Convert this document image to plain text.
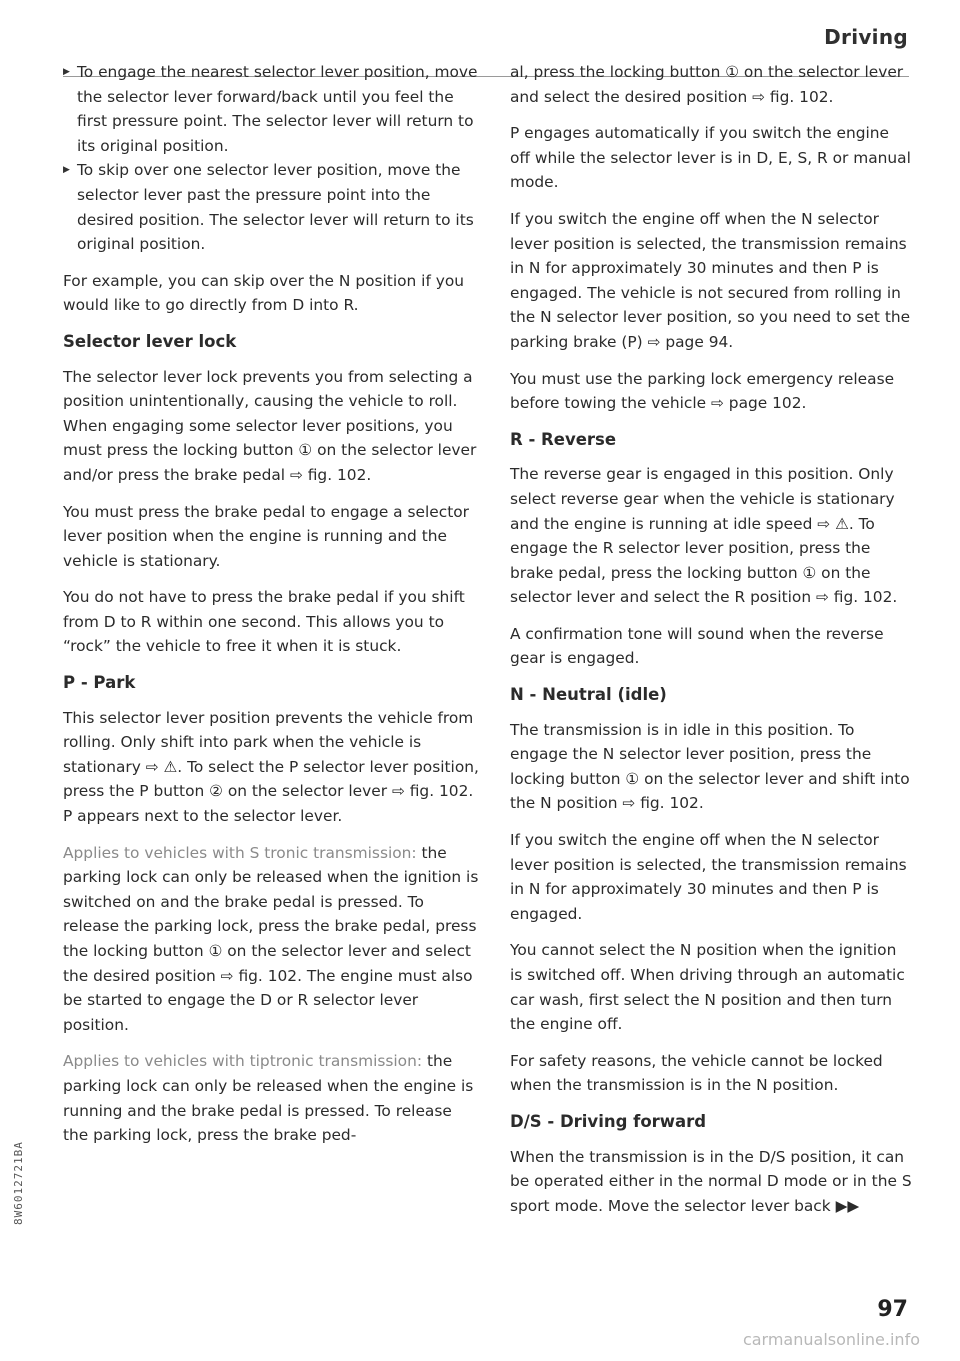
Driving

▶ To engage the nearest selector lever position, move the selector lever forward/back until you feel the first pressure point. The selector lever will return to its original position.

▶ To skip over one selector lever position, move the selector lever past the pressure point into the desired position. The selector lever will return to its original position.

For example, you can skip over the N position if you would like to go directly from D into R.

Selector lever lock

The selector lever lock prevents you from selecting a position unintentionally, causing the vehicle to roll. When engaging some selector lever positions, you must press the locking button ① on the selector lever and/or press the brake pedal ⇨ fig. 102.

You must press the brake pedal to engage a selector lever position when the engine is running and the vehicle is stationary.

You do not have to press the brake pedal if you shift from D to R within one second. This allows you to “rock” the vehicle to free it when it is stuck.

P - Park

This selector lever position prevents the vehicle from rolling. Only shift into park when the vehicle is stationary ⇨ ⚠. To select the P selector lever position, press the P button ② on the selector lever ⇨ fig. 102. P appears next to the selector lever.

Applies to vehicles with S tronic transmission: the parking lock can only be released when the ignition is switched on and the brake pedal is pressed. To release the parking lock, press the brake pedal, press the locking button ① on the selector lever and select the desired position ⇨ fig. 102. The engine must also be started to engage the D or R selector lever position.

Applies to vehicles with tiptronic transmission: the parking lock can only be released when the engine is running and the brake pedal is pressed. To release the parking lock, press the brake ped-

al, press the locking button ① on the selector lever and select the desired position ⇨ fig. 102.

P engages automatically if you switch the engine off while the selector lever is in D, E, S, R or manual mode.

If you switch the engine off when the N selector lever position is selected, the transmission remains in N for approximately 30 minutes and then P is engaged. The vehicle is not secured from rolling in the N selector lever position, so you need to set the parking brake (P) ⇨ page 94.

You must use the parking lock emergency release before towing the vehicle ⇨ page 102.

R - Reverse

The reverse gear is engaged in this position. Only select reverse gear when the vehicle is stationary and the engine is running at idle speed ⇨ ⚠. To engage the R selector lever position, press the brake pedal, press the locking button ① on the selector lever and select the R position ⇨ fig. 102.

A confirmation tone will sound when the reverse gear is engaged.

N - Neutral (idle)

The transmission is in idle in this position. To engage the N selector lever position, press the locking button ① on the selector lever and shift into the N position ⇨ fig. 102.

If you switch the engine off when the N selector lever position is selected, the transmission remains in N for approximately 30 minutes and then P is engaged.

You cannot select the N position when the ignition is switched off. When driving through an automatic car wash, first select the N position and then turn the engine off.

For safety reasons, the vehicle cannot be locked when the transmission is in the N position.

D/S - Driving forward

When the transmission is in the D/S position, it can be operated either in the normal D mode or in the S sport mode. Move the selector lever back ▶▶

8W6012721BA
97
carmanualsonline.info
